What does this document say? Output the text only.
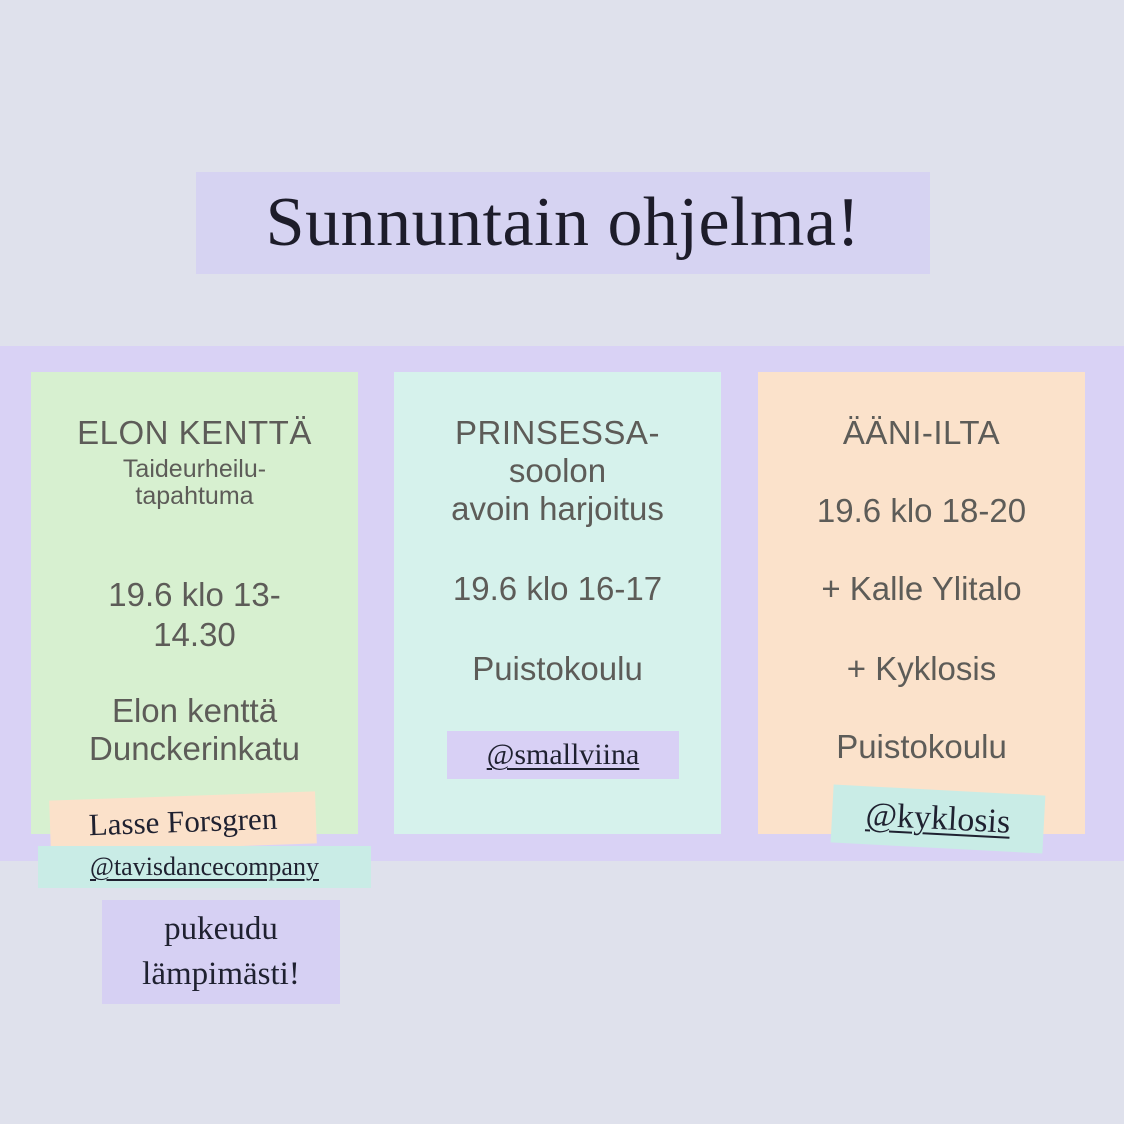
Sunnuntain ohjelma!
ELON KENTTÄ
Taideurheilu-
tapahtuma
19.6 klo 13-
14.30
Elon kenttä
Dunckerinkatu
PRINSESSA-
soolon
avoin harjoitus
19.6 klo 16-17
Puistokoulu
ÄÄNI-ILTA
19.6 klo 18-20
+ Kalle Ylitalo
+ Kyklosis
Puistokoulu
@smallviina
@kyklosis
Lasse Forsgren
@tavisdancecompany
pukeudu
lämpimästi!
